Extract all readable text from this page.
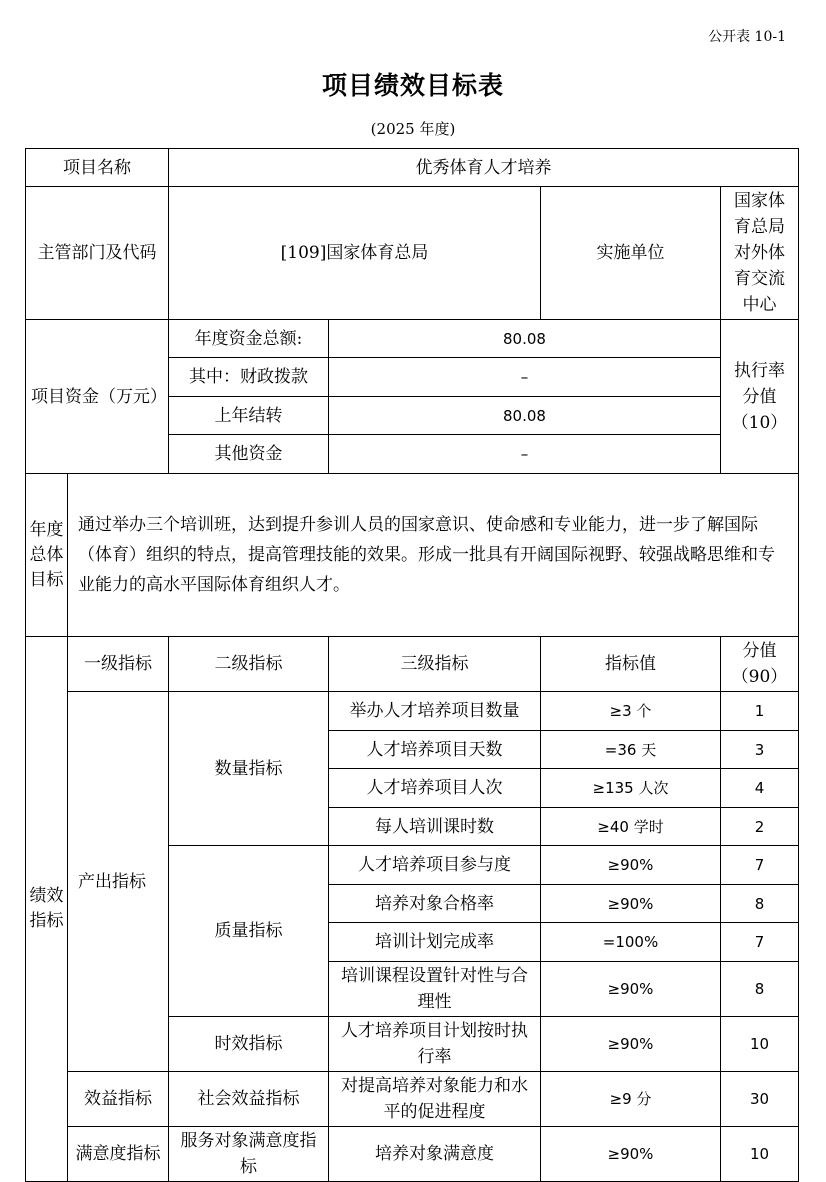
公开表 10-1
项目绩效目标表
(2025 年度)
项目名称		优秀体育人才培养			
主管部门及代码		[109]国家体育总局		实施单位	国家体育总局对外体育交流中心
项目资金（万元）		年度资金总额:	80.08		执行率分值（10）
		其中：财政拨款	–		
		上年结转	80.08		
		其他资金	–		
年度总体目标	通过举办三个培训班，达到提升参训人员的国家意识、使命感和专业能力，进一步了解国际（体育）组织的特点，提高管理技能的效果。形成一批具有开阔国际视野、较强战略思维和专业能力的高水平国际体育组织人才。				
绩效指标	一级指标	二级指标	三级指标	指标值	分值（90）
	产出指标	数量指标	举办人才培养项目数量	≥3 个	1
			人才培养项目天数	=36 天	3
			人才培养项目人次	≥135 人次	4
			每人培训课时数	≥40 学时	2
		质量指标	人才培养项目参与度	≥90%	7
			培养对象合格率	≥90%	8
			培训计划完成率	=100%	7
			培训课程设置针对性与合理性	≥90%	8
		时效指标	人才培养项目计划按时执行率	≥90%	10
	效益指标	社会效益指标	对提高培养对象能力和水平的促进程度	≥9 分	30
	满意度指标	服务对象满意度指标	培养对象满意度	≥90%	10
